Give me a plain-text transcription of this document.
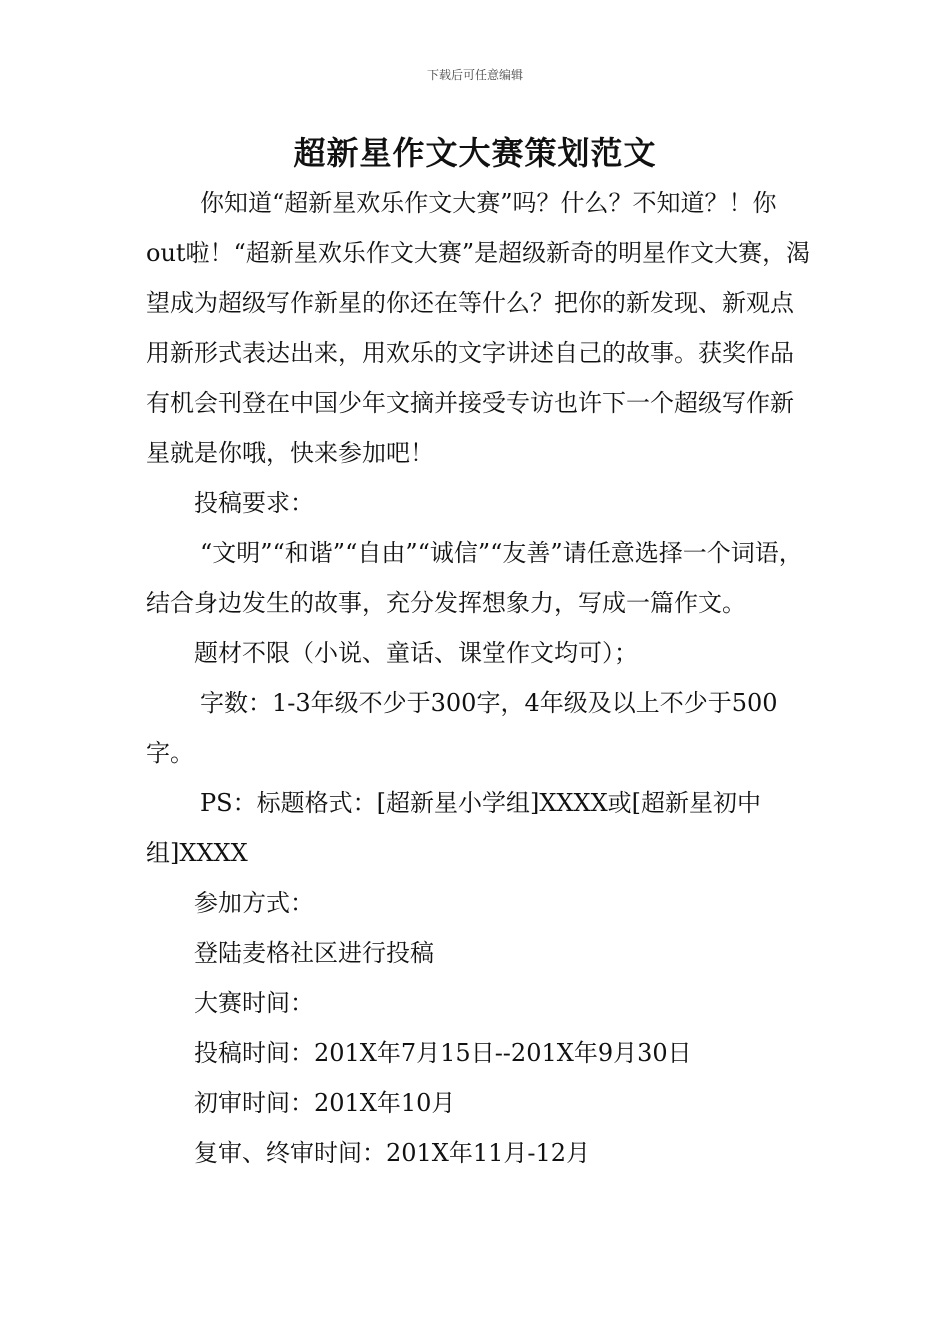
下载后可任意编辑
超新星作文大赛策划范文

你知道“超新星欢乐作文大赛”吗？什么？不知道？！你out啦！“超新星欢乐作文大赛”是超级新奇的明星作文大赛，渴望成为超级写作新星的你还在等什么？把你的新发现、新观点用新形式表达出来，用欢乐的文字讲述自己的故事。获奖作品有机会刊登在中国少年文摘并接受专访也许下一个超级写作新星就是你哦，快来参加吧！

投稿要求：

“文明”“和谐”“自由”“诚信”“友善”请任意选择一个词语，结合身边发生的故事，充分发挥想象力，写成一篇作文。

题材不限（小说、童话、课堂作文均可）；

字数：1-3年级不少于300字，4年级及以上不少于500字。

PS：标题格式：[超新星小学组]XXXX或[超新星初中组]XXXX

参加方式：

登陆麦格社区进行投稿

大赛时间：

投稿时间：201X年7月15日--201X年9月30日

初审时间：201X年10月

复审、终审时间：201X年11月-12月
